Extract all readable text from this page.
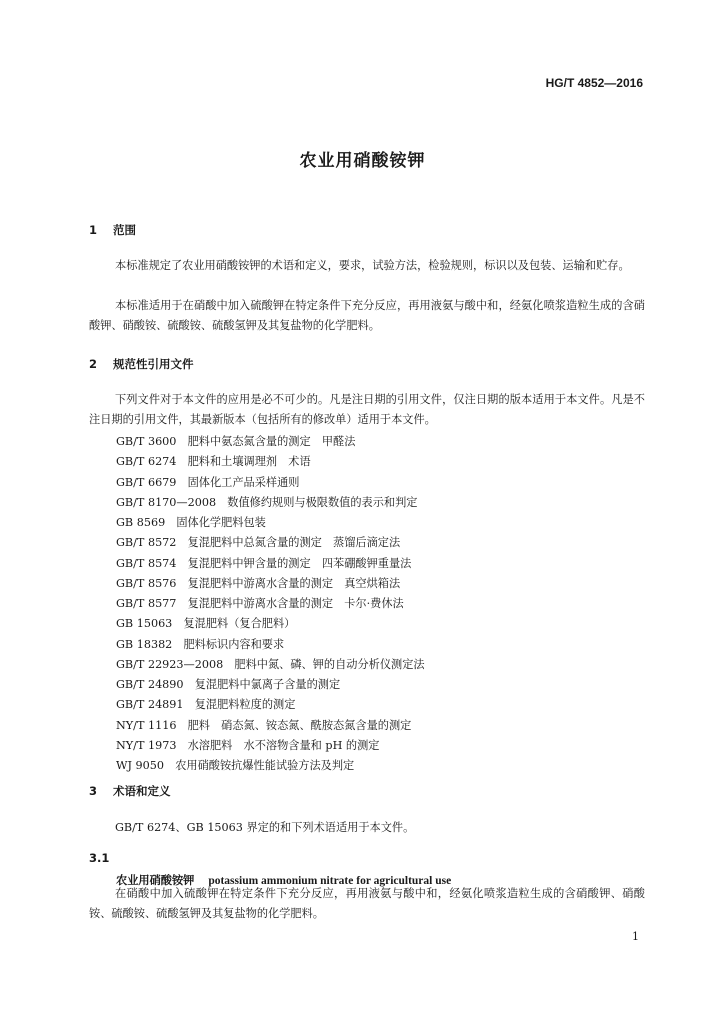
HG/T 4852—2016
农业用硝酸铵钾
1 范围

本标准规定了农业用硝酸铵钾的术语和定义，要求，试验方法，检验规则，标识以及包装、运输和贮存。

本标准适用于在硝酸中加入硫酸钾在特定条件下充分反应，再用液氨与酸中和，经氨化喷浆造粒生成的含硝酸钾、硝酸铵、硫酸铵、硫酸氢钾及其复盐物的化学肥料。

2 规范性引用文件

下列文件对于本文件的应用是必不可少的。凡是注日期的引用文件，仅注日期的版本适用于本文件。凡是不注日期的引用文件，其最新版本（包括所有的修改单）适用于本文件。

GB/T 3600　肥料中氨态氮含量的测定　甲醛法
GB/T 6274　肥料和土壤调理剂　术语
GB/T 6679　固体化工产品采样通则
GB/T 8170—2008　数值修约规则与极限数值的表示和判定
GB 8569　固体化学肥料包装
GB/T 8572　复混肥料中总氮含量的测定　蒸馏后滴定法
GB/T 8574　复混肥料中钾含量的测定　四苯硼酸钾重量法
GB/T 8576　复混肥料中游离水含量的测定　真空烘箱法
GB/T 8577　复混肥料中游离水含量的测定　卡尔·费休法
GB 15063　复混肥料（复合肥料）
GB 18382　肥料标识内容和要求
GB/T 22923—2008　肥料中氮、磷、钾的自动分析仪测定法
GB/T 24890　复混肥料中氯离子含量的测定
GB/T 24891　复混肥料粒度的测定
NY/T 1116　肥料　硝态氮、铵态氮、酰胺态氮含量的测定
NY/T 1973　水溶肥料　水不溶物含量和 pH 的测定
WJ 9050　农用硝酸铵抗爆性能试验方法及判定
3 术语和定义

GB/T 6274、GB 15063 界定的和下列术语适用于本文件。

3.1
农业用硝酸铵钾 potassium ammonium nitrate for agricultural use

在硝酸中加入硫酸钾在特定条件下充分反应，再用液氨与酸中和，经氨化喷浆造粒生成的含硝酸钾、硝酸铵、硫酸铵、硫酸氢钾及其复盐物的化学肥料。

1
